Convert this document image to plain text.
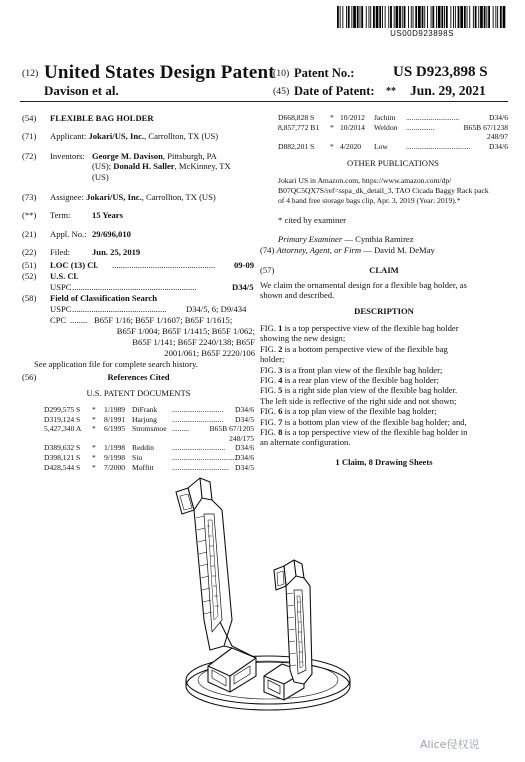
US00D923898S
(12) United States Design Patent
Davison et al.
(10) Patent No.:	US D923,898 S
(45) Date of Patent: ** Jun. 29, 2021
(54) FLEXIBLE BAG HOLDER
(71) Applicant: Jokari/US, Inc., Carrollton, TX (US)
(72) Inventors: George M. Davison, Pittsburgh, PA
(US); Donald H. Saller, McKinney, TX
(US)
(73) Assignee: Jokari/US, Inc., Carrollton, TX (US)
(**) Term:	15 Years
(21) Appl. No.: 29/696,010
(22) Filed:	Jun. 25, 2019
(51) LOC (13) Cl.	................................................	09-09
(52) U.S. Cl.
USPC ..........................................................	D34/5
(58) Field of Classification Search
USPC ............................................	D34/5, 6; D9/434
CPC ........ B65F 1/16; B65F 1/1607; B65F 1/1615;
B65F 1/004; B65F 1/1415; B65F 1/062;
B65F 1/141; B65F 2240/138; B65F
2001/061; B65F 2220/106
See application file for complete search history.
(56)	References Cited
U.S. PATENT DOCUMENTS
D299,575 S * 1/1989 DiFrank ...........................	D34/6
D319,124 S * 8/1991 Harjung ...........................	D34/5
5,427,340 A * 6/1995 Stromsmoe .........	B65B 67/1205
248/175
D389,632 S * 1/1998 Reddin ............................ D34/6
D398,121 S * 9/1998 Siu	..................................
D34/6
D428,544 S * 7/2000 Moffitt .............................. D34/5
D668,828 S * 10/2012 Jachim ............................	D34/6
8,857,772 B1 * 10/2014 Weldon ...............	B65B 67/1238
248/97
D882,201 S * 4/2020 Low .................................. D34/6
OTHER PUBLICATIONS
Jokari US in Amazon.com, https://www.amazon.com/dp/
B07QC5QX7S/ref=sspa_dk_detail_3, TAO Cicada Baggy Rack pack
of 4 hand free storage bags clip, Apr. 3, 2019 (Year: 2019).*
* cited by examiner
Primary Examiner — Cynthia Ramirez
(74) Attorney, Agent, or Firm — David M. DeMay
(57)	CLAIM
We claim the ornamental design for a flexible bag holder, as
shown and described.
DESCRIPTION
FIG. 1 is a top perspective view of the flexible bag holder
showing the new design;
FIG. 2 is a bottom perspective view of the flexible bag
holder;
FIG. 3 is a front plan view of the flexible bag holder;
FIG. 4 is a rear plan view of the flexible bag holder;
FIG. 5 is a right side plan view of the flexible bag holder.
The left side is reflective of the right side and not shown;
FIG. 6 is a top plan view of the flexible bag holder;
FIG. 7 is a bottom plan view of the flexible bag holder; and,
FIG. 8 is a top perspective view of the flexible bag holder in
an alternate configuration.
1 Claim, 8 Drawing Sheets
Alice侵权说
